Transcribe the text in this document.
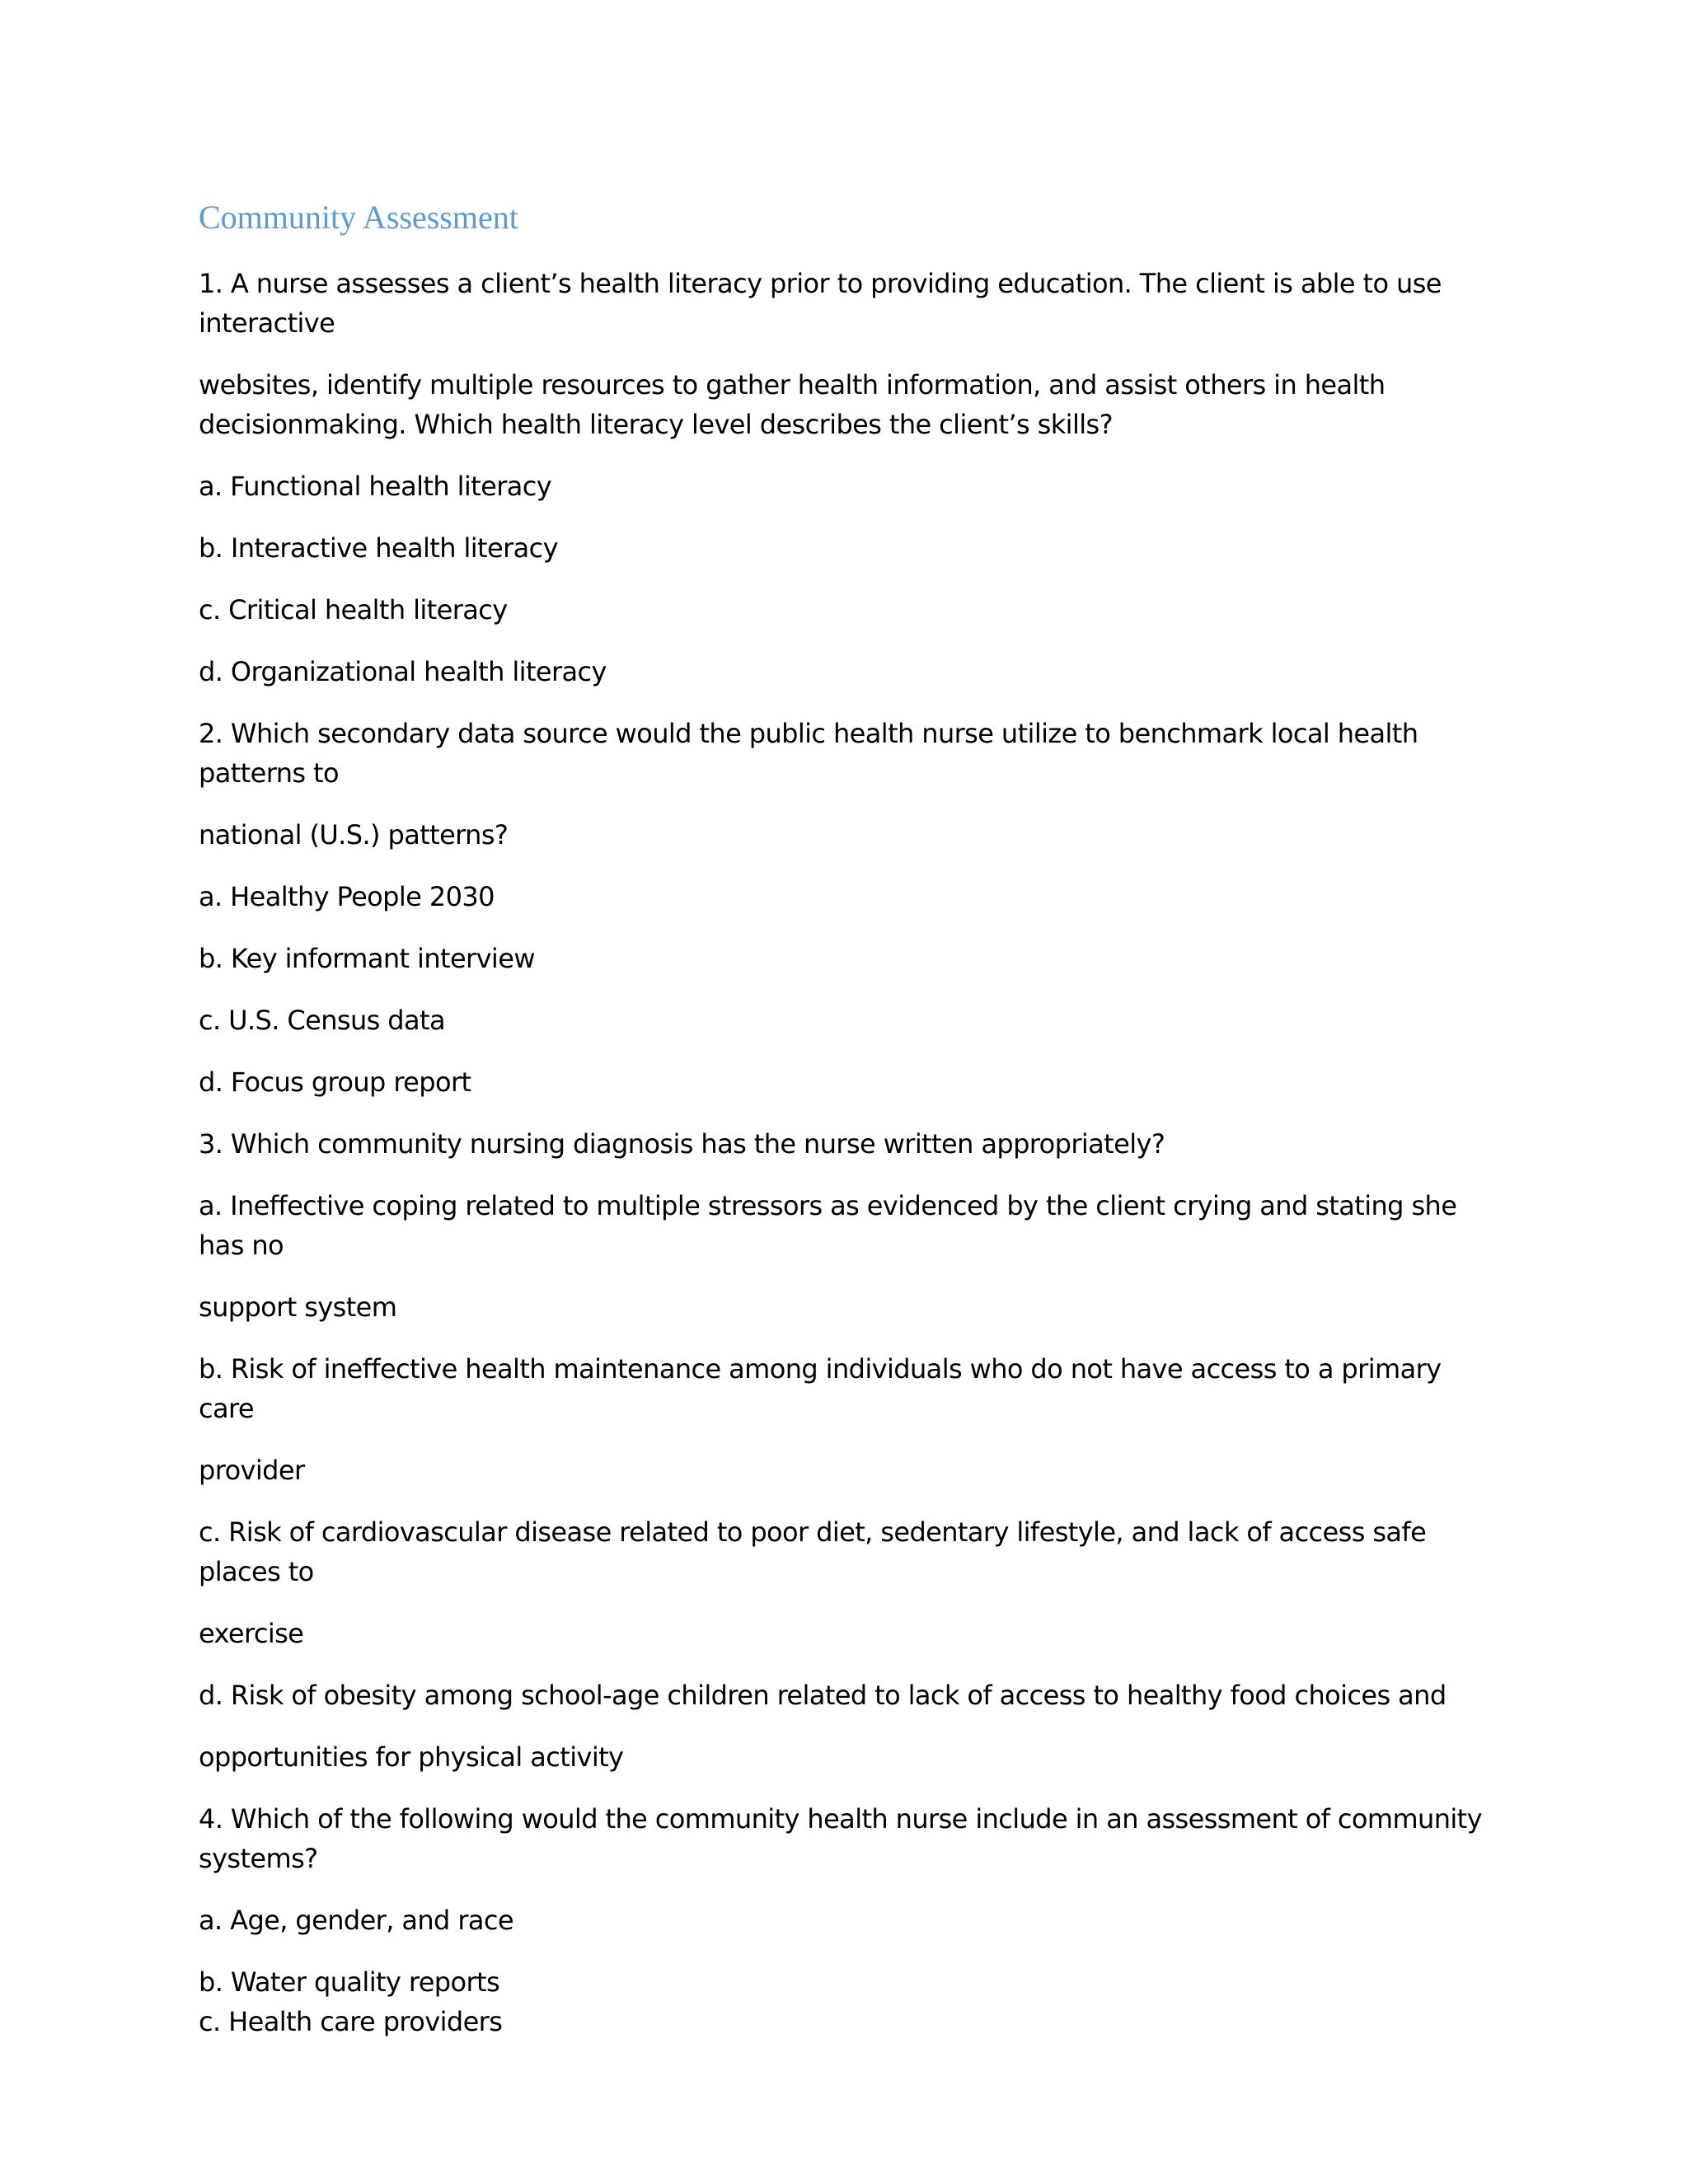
Community Assessment

1. A nurse assesses a client’s health literacy prior to providing education. The client is able to use interactive

websites, identify multiple resources to gather health information, and assist others in health decisionmaking. Which health literacy level describes the client’s skills?

a. Functional health literacy

b. Interactive health literacy

c. Critical health literacy

d. Organizational health literacy

2. Which secondary data source would the public health nurse utilize to benchmark local health patterns to

national (U.S.) patterns?

a. Healthy People 2030

b. Key informant interview

c. U.S. Census data

d. Focus group report

3. Which community nursing diagnosis has the nurse written appropriately?

a. Ineffective coping related to multiple stressors as evidenced by the client crying and stating she has no

support system

b. Risk of ineffective health maintenance among individuals who do not have access to a primary care

provider

c. Risk of cardiovascular disease related to poor diet, sedentary lifestyle, and lack of access safe places to

exercise

d. Risk of obesity among school-age children related to lack of access to healthy food choices and

opportunities for physical activity

4. Which of the following would the community health nurse include in an assessment of community systems?

a. Age, gender, and race

b. Water quality reports

c. Health care providers
